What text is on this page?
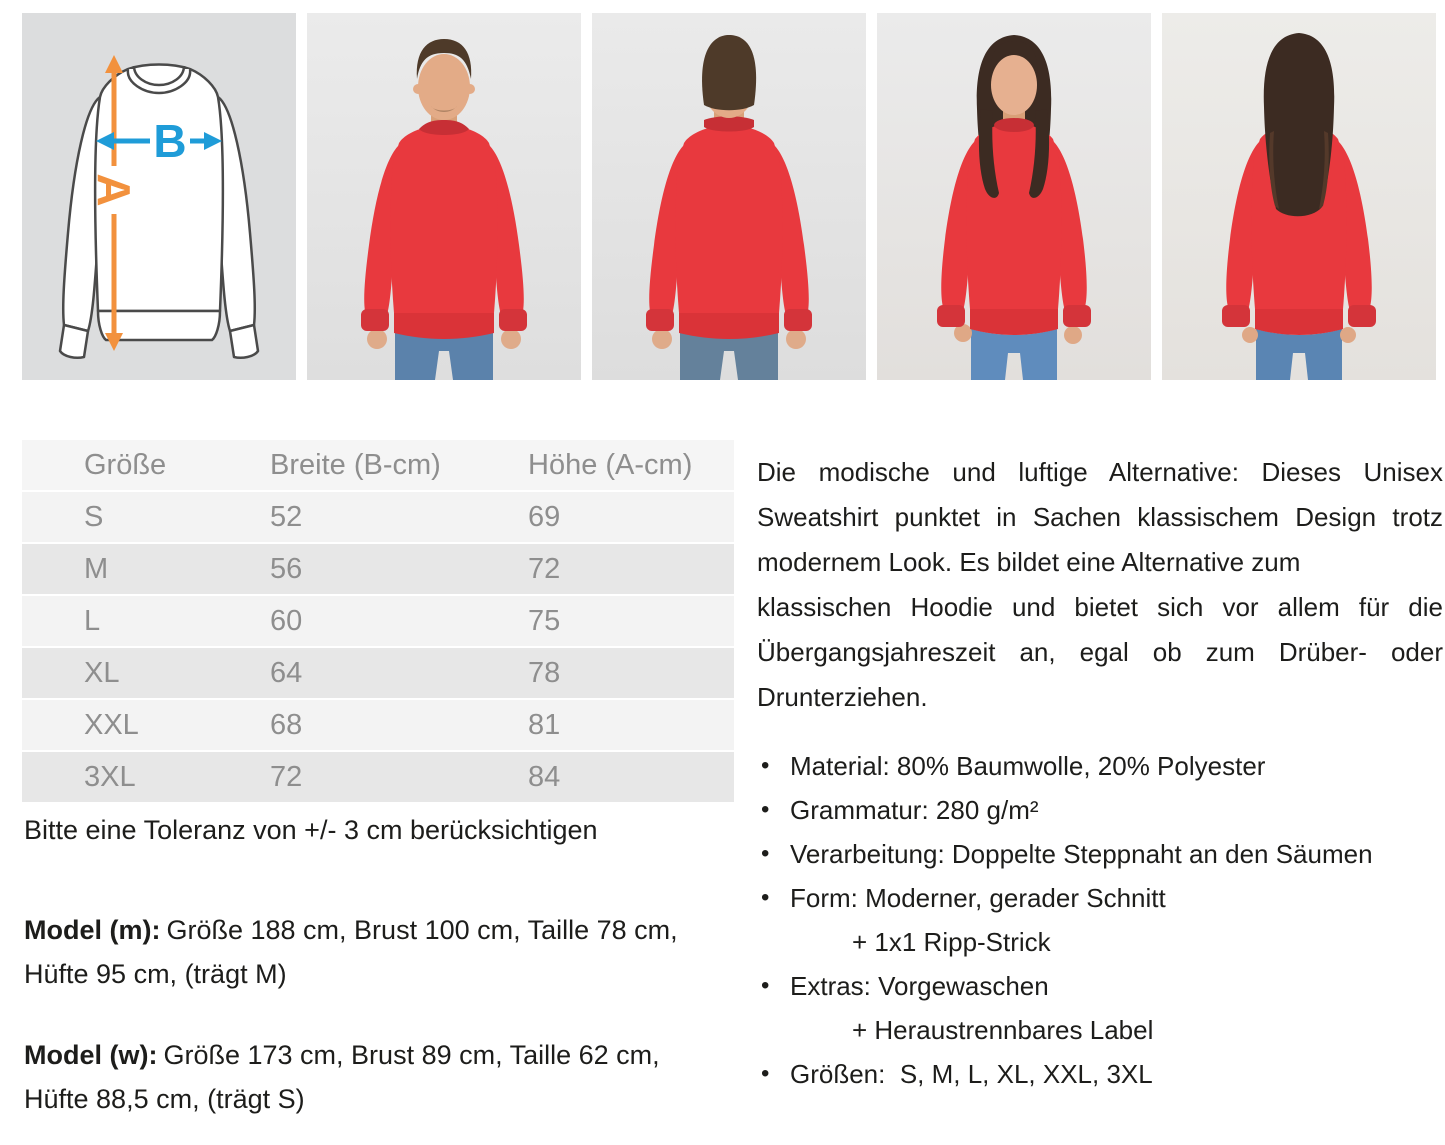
A
B
Größe	Breite (B-cm)	Höhe (A-cm)
S	52	69
M	56	72
L	60	75
XL	64	78
XXL	68	81
3XL	72	84
Bitte eine Toleranz von +/- 3 cm berücksichtigen
Model (m): Größe 188 cm, Brust 100 cm, Taille 78 cm, Hüfte 95 cm, (trägt M)
Model (w): Größe 173 cm, Brust 89 cm, Taille 62 cm, Hüfte 88,5 cm, (trägt S)

Die modische und luftige Alternative: Dieses Unisex Sweatshirt punktet in Sachen klassischem Design trotz modernem Look. Es bildet eine Alternative zum

klassischen Hoodie und bietet sich vor allem für die Übergangsjahreszeit an, egal ob zum Drüber- oder Drunterziehen.

• Material: 80% Baumwolle, 20% Polyester
• Grammatur: 280 g/m²
• Verarbeitung: Doppelte Steppnaht an den Säumen
• Form: Moderner, gerader Schnitt
+ 1x1 Ripp-Strick
• Extras: Vorgewaschen
+ Heraustrennbares Label
• Größen:  S, M, L, XL, XXL, 3XL
